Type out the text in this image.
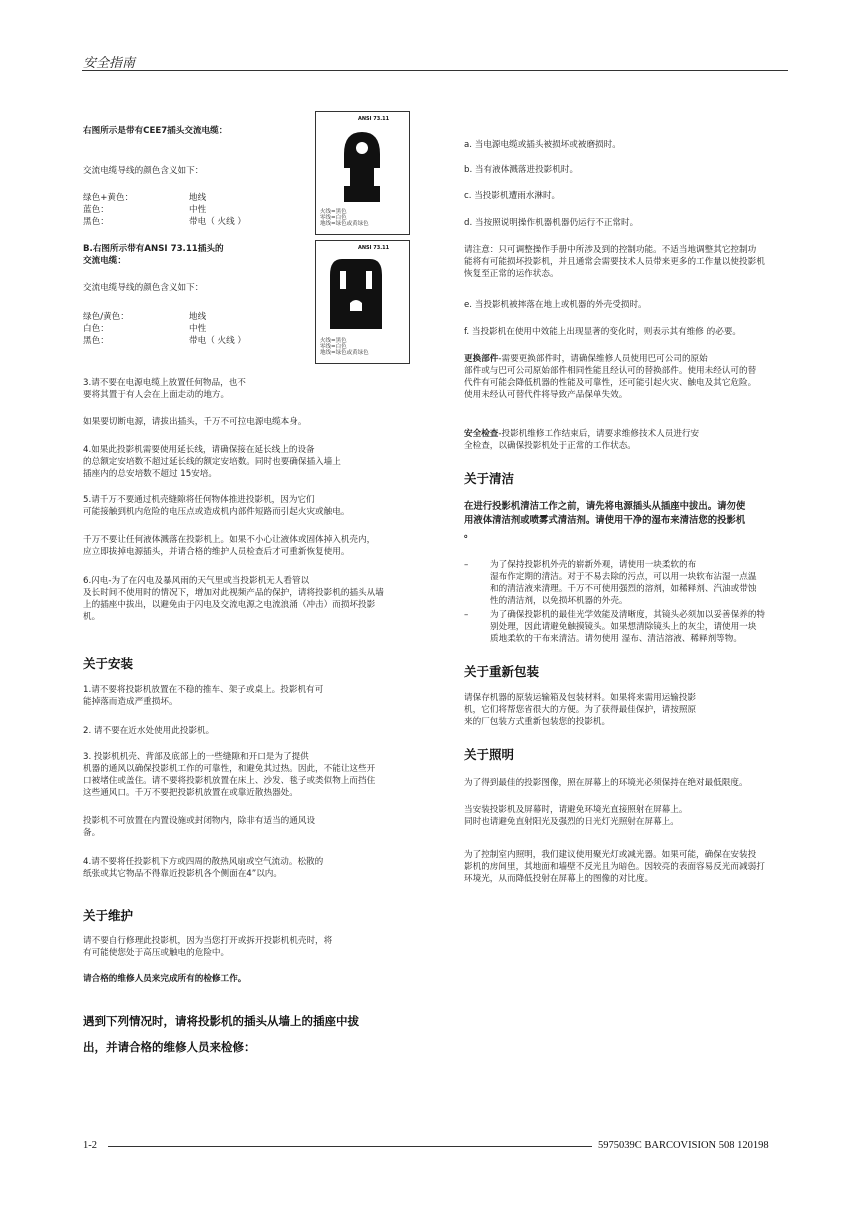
安全指南
ANSI 73.11
火线=黑色
零线=白色
地线=绿色或黄绿色
ANSI 73.11
火线=黑色
零线=白色
地线=绿色或黄绿色
右图所示是带有CEE7插头交流电缆：
交流电缆导线的颜色含义如下：
绿色+黄色：	地线
蓝色：	中性
黑色：	带电（ 火线 ）

B.右图所示带有ANSI 73.11插头的

交流电缆：

交流电缆导线的颜色含义如下：
绿色/黄色：	地线
白色：	中性
黑色：	带电（ 火线 ）

3.请不要在电源电缆上放置任何物品，也不

要将其置于有人会在上面走动的地方。

如果要切断电源，请拔出插头，千万不可拉电源电缆本身。

4.如果此投影机需要使用延长线，请确保接在延长线上的设备

的总额定安培数不超过延长线的额定安培数。同时也要确保插入墙上

插座内的总安培数不超过 15安培。

5.请千万不要通过机壳缝隙将任何物体推进投影机，因为它们

可能接触到机内危险的电压点或造成机内部件短路而引起火灾或触电。

千万不要让任何液体溅落在投影机上。如果不小心让液体或固体掉入机壳内，

应立即拔掉电源插头，并请合格的维护人员检查后才可重新恢复使用。

6.闪电-为了在闪电及暴风雨的天气里或当投影机无人看管以

及长时间不使用时的情况下，增加对此视频产品的保护，请将投影机的插头从墙

上的插座中拔出，以避免由于闪电及交流电源之电流浪涌（冲击）而损坏投影

机。

关于安装

1.请不要将投影机放置在不稳的推车、架子或桌上。投影机有可

能掉落而造成严重损坏。

2. 请不要在近水处使用此投影机。

3. 投影机机壳、背部及底部上的一些缝隙和开口是为了提供

机器的通风以确保投影机工作的可靠性，和避免其过热。因此，不能让这些开

口被堵住或盖住。请不要将投影机放置在床上、沙发、毯子或类似物上而挡住

这些通风口。千万不要把投影机放置在或靠近散热器处。

投影机不可放置在内置设施或封闭物内，除非有适当的通风设

备。

4.请不要将任投影机下方或四周的散热风扇或空气流动。松散的

纸张或其它物品不得靠近投影机各个侧面在4”以内。

关于维护

请不要自行修理此投影机，因为当您打开或拆开投影机机壳时，将

有可能使您处于高压或触电的危险中。

请合格的维修人员来完成所有的检修工作。

遇到下列情况时，请将投影机的插头从墙上的插座中拔

出，并请合格的维修人员来检修：

a. 当电源电缆或插头被损坏或被磨损时。
b. 当有液体溅落进投影机时。
c. 当投影机遭雨水淋时。
d. 当按照说明操作机器机器仍运行不正常时。

请注意：只可调整操作手册中所涉及到的控制功能。不适当地调整其它控制功

能将有可能损坏投影机，并且通常会需要技术人员带来更多的工作量以使投影机

恢复至正常的运作状态。

e. 当投影机被摔落在地上或机器的外壳受损时。
f. 当投影机在使用中效能上出现显著的变化时，则表示其有维修 的必要。

更换部件-需要更换部件时，请确保维修人员使用巴可公司的原始

部件或与巴可公司原始部件相同性能且经认可的替换部件。使用未经认可的替

代件有可能会降低机器的性能及可靠性，还可能引起火灾、触电及其它危险。

使用未经认可替代件将导致产品保单失效。

安全检查-投影机维修工作结束后，请要求维修技术人员进行安

全检查，以确保投影机处于正常的工作状态。

关于清洁

在进行投影机清洁工作之前，请先将电源插头从插座中拔出。请勿使

用液体清洁剂或喷雾式清洁剂。请使用干净的湿布来清洁您的投影机

。

–	为了保持投影机外壳的崭新外观，请使用一块柔软的布

湿布作定期的清洁。对于不易去除的污点，可以用一块软布沾湿一点温

和的清洁液来清理。千万不可使用强烈的溶剂，如稀释剂、汽油或带蚀

性的清洁剂，以免损坏机器的外壳。

–	为了确保投影机的最佳光学效能及清晰度，其镜头必须加以妥善保养的特

别处理，因此请避免触摸镜头。如果想清除镜头上的灰尘，请使用一块

质地柔软的干布来清洁。请勿使用 湿布、清洁溶液、稀释剂等物。

关于重新包装

请保存机器的原装运输箱及包装材料。如果将来需用运输投影

机，它们将帮您省很大的方便。为了获得最佳保护，请按照原

来的厂包装方式重新包装您的投影机。

关于照明
为了得到最佳的投影图像，照在屏幕上的环境光必须保持在绝对最低限度。

当安装投影机及屏幕时，请避免环境光直接照射在屏幕上。

同时也请避免直射阳光及强烈的日光灯光照射在屏幕上。

为了控制室内照明，我们建议使用聚光灯或减光器。如果可能，确保在安装投

影机的房间里，其地面和墙壁不反光且为暗色。因较亮的表面容易反光而减弱打

环境光，从而降低投射在屏幕上的图像的对比度。

1-2	5975039C BARCOVISION 508 120198
